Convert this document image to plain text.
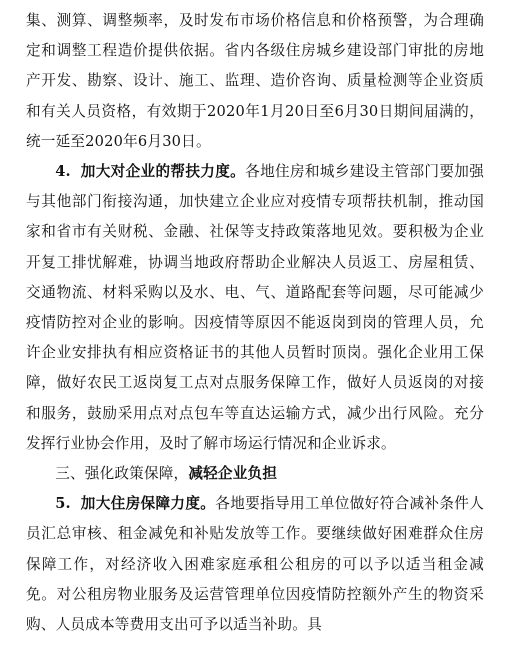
集、测算、调整频率，及时发布市场价格信息和价格预警，为合理确定和调整工程造价提供依据。省内各级住房城乡建设部门审批的房地产开发、勘察、设计、施工、监理、造价咨询、质量检测等企业资质和有关人员资格，有效期于2020年1月20日至6月30日期间届满的，统一延至2020年6月30日。

4. 加大对企业的帮扶力度。各地住房和城乡建设主管部门要加强与其他部门衔接沟通，加快建立企业应对疫情专项帮扶机制，推动国家和省市有关财税、金融、社保等支持政策落地见效。要积极为企业开复工排忧解难，协调当地政府帮助企业解决人员返工、房屋租赁、交通物流、材料采购以及水、电、气、道路配套等问题，尽可能减少疫情防控对企业的影响。因疫情等原因不能返岗到岗的管理人员，允许企业安排执有相应资格证书的其他人员暂时顶岗。强化企业用工保障，做好农民工返岗复工点对点服务保障工作，做好人员返岗的对接和服务，鼓励采用点对点包车等直达运输方式，减少出行风险。充分发挥行业协会作用，及时了解市场运行情况和企业诉求。

三、强化政策保障，减轻企业负担

5. 加大住房保障力度。各地要指导用工单位做好符合减补条件人员汇总审核、租金减免和补贴发放等工作。要继续做好困难群众住房保障工作，对经济收入困难家庭承租公租房的可以予以适当租金减免。对公租房物业服务及运营管理单位因疫情防控额外产生的物资采购、人员成本等费用支出可予以适当补助。具
